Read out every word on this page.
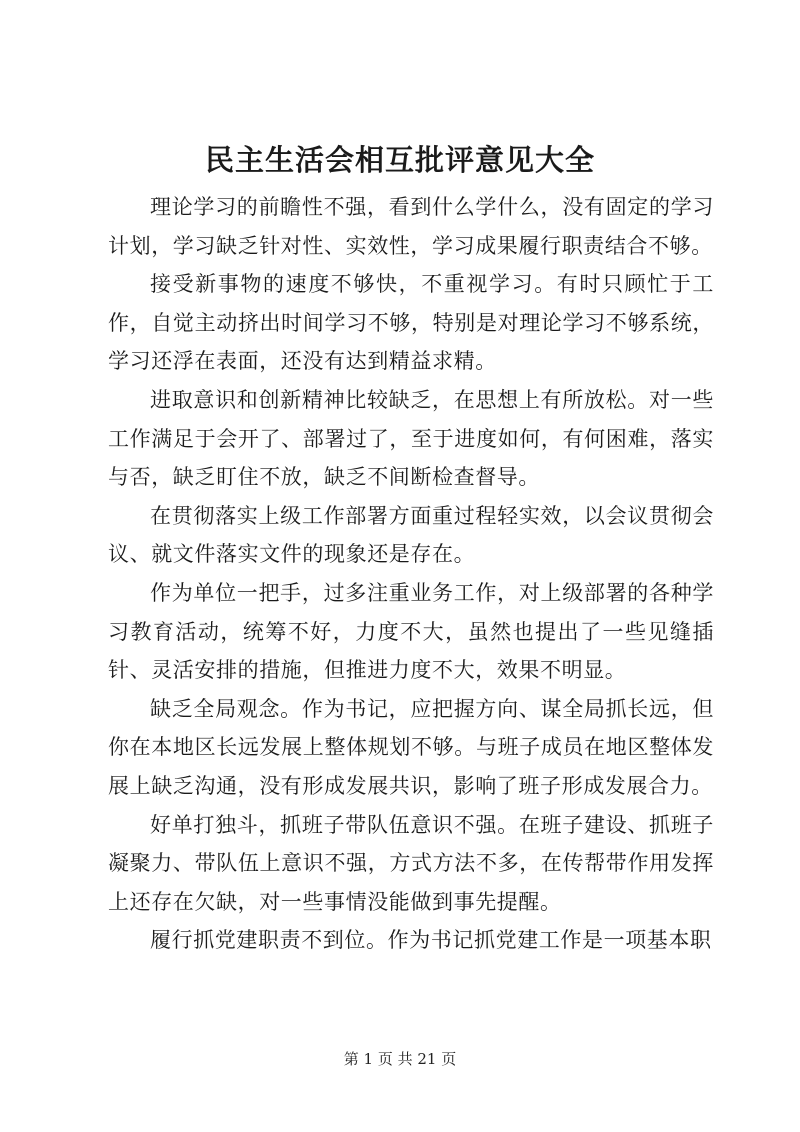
民主生活会相互批评意见大全

理论学习的前瞻性不强，看到什么学什么，没有固定的学习计划，学习缺乏针对性、实效性，学习成果履行职责结合不够。

接受新事物的速度不够快，不重视学习。有时只顾忙于工作，自觉主动挤出时间学习不够，特别是对理论学习不够系统，学习还浮在表面，还没有达到精益求精。

进取意识和创新精神比较缺乏，在思想上有所放松。对一些工作满足于会开了、部署过了，至于进度如何，有何困难，落实与否，缺乏盯住不放，缺乏不间断检查督导。

在贯彻落实上级工作部署方面重过程轻实效，以会议贯彻会议、就文件落实文件的现象还是存在。

作为单位一把手，过多注重业务工作，对上级部署的各种学习教育活动，统筹不好，力度不大，虽然也提出了一些见缝插针、灵活安排的措施，但推进力度不大，效果不明显。

缺乏全局观念。作为书记，应把握方向、谋全局抓长远，但你在本地区长远发展上整体规划不够。与班子成员在地区整体发展上缺乏沟通，没有形成发展共识，影响了班子形成发展合力。

好单打独斗，抓班子带队伍意识不强。在班子建设、抓班子凝聚力、带队伍上意识不强，方式方法不多，在传帮带作用发挥上还存在欠缺，对一些事情没能做到事先提醒。

履行抓党建职责不到位。作为书记抓党建工作是一项基本职

第 1 页 共 21 页
